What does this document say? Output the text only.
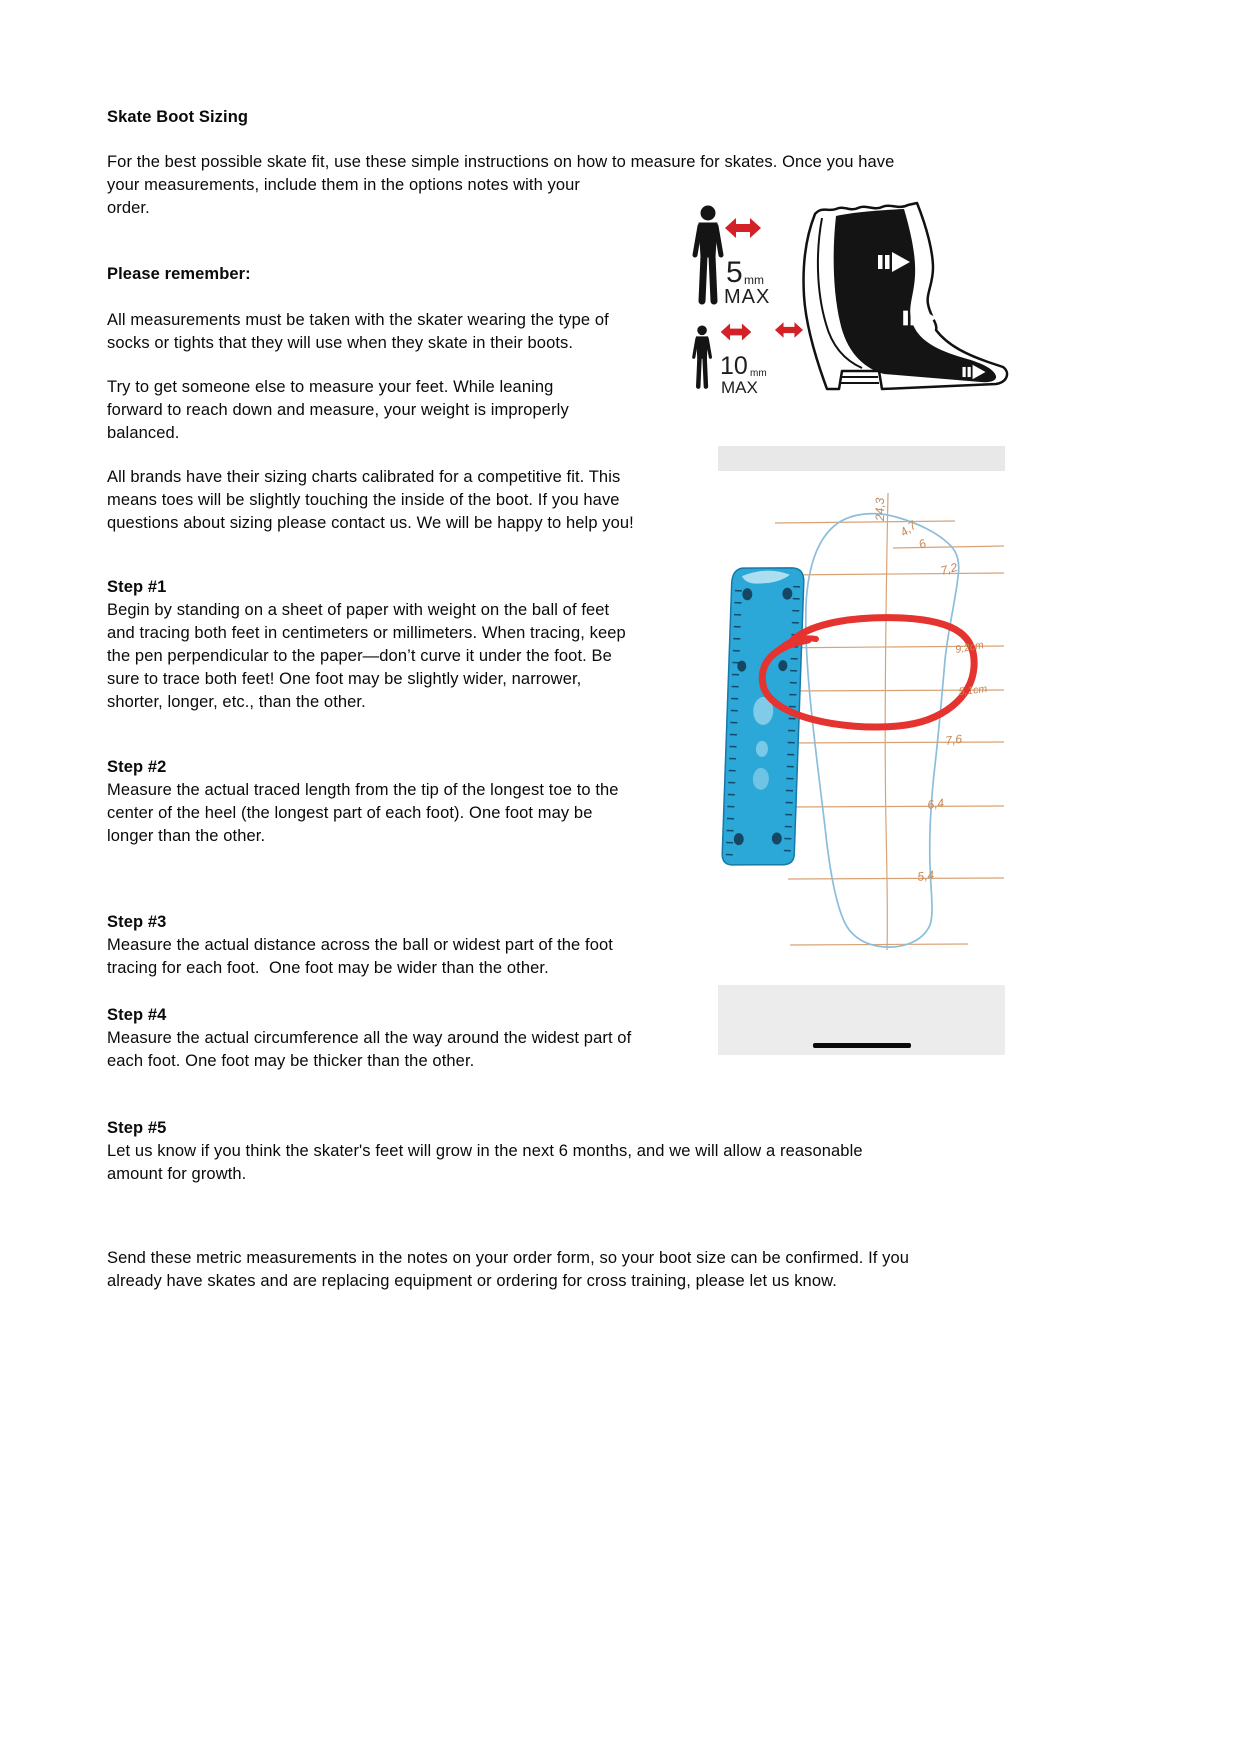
Skate Boot Sizing
For the best possible skate fit, use these simple instructions on how to measure for skates. Once you have
your measurements, include them in the options notes with your
order.
Please remember:
All measurements must be taken with the skater wearing the type of
socks or tights that they will use when they skate in their boots.
Try to get someone else to measure your feet. While leaning
forward to reach down and measure, your weight is improperly
balanced.
All brands have their sizing charts calibrated for a competitive fit. This
means toes will be slightly touching the inside of the boot. If you have
questions about sizing please contact us. We will be happy to help you!
Step #1
Begin by standing on a sheet of paper with weight on the ball of feet
and tracing both feet in centimeters or millimeters. When tracing, keep
the pen perpendicular to the paper—don’t curve it under the foot. Be
sure to trace both feet! One foot may be slightly wider, narrower,
shorter, longer, etc., than the other.
Step #2
Measure the actual traced length from the tip of the longest toe to the
center of the heel (the longest part of each foot). One foot may be
longer than the other.
Step #3
Measure the actual distance across the ball or widest part of the foot
tracing for each foot.  One foot may be wider than the other.
Step #4
Measure the actual circumference all the way around the widest part of
each foot. One foot may be thicker than the other.
Step #5
Let us know if you think the skater's feet will grow in the next 6 months, and we will allow a reasonable
amount for growth.
Send these metric measurements in the notes on your order form, so your boot size can be confirmed. If you
already have skates and are replacing equipment or ordering for cross training, please let us know.
5 mm
MAX
10 mm
MAX
24,3
4,7
6
7,2
9,2cm
5,1cm
7,6
6,4
5,4
